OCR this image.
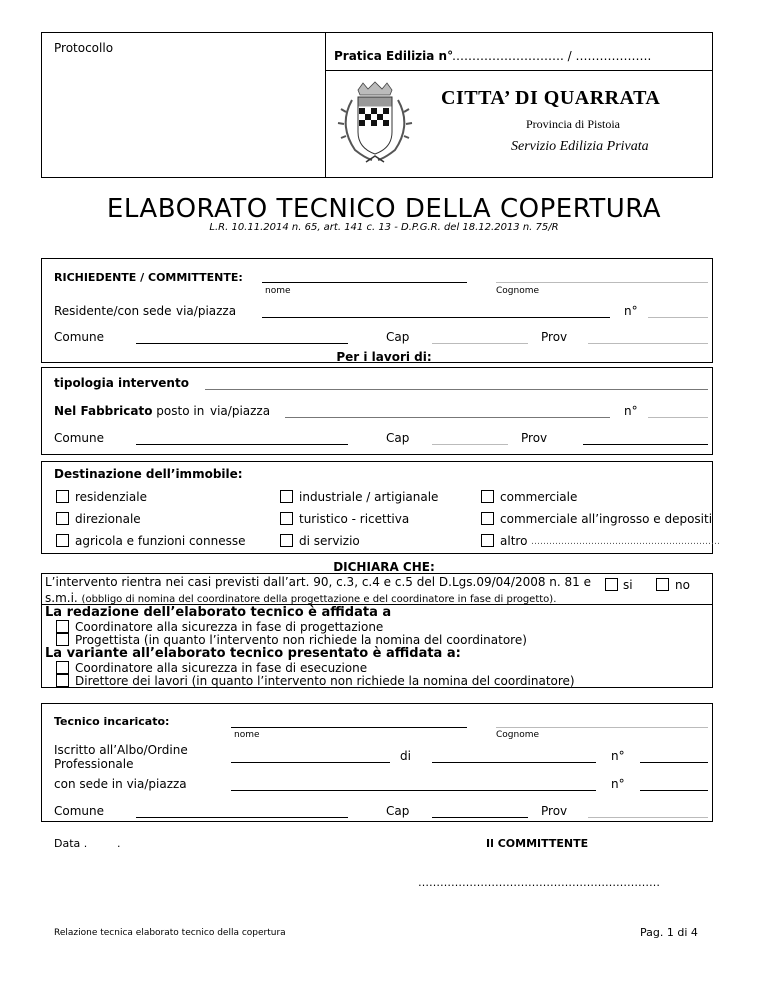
Protocollo
Pratica Edilizia n°
………………………. / ……………….
CITTA’ DI QUARRATA
Provincia di Pistoia
Servizio Edilizia Privata
ELABORATO TECNICO DELLA COPERTURA
L.R. 10.11.2014 n. 65, art. 141 c. 13 - D.P.G.R. del 18.12.2013 n. 75/R
RICHIEDENTE / COMMITTENTE:
nome	Cognome
Residente/con sede via/piazza	n°
Comune	Cap	Prov
Per i lavori di:
tipologia intervento
Nel Fabbricato posto in via/piazza	n°
Comune	Cap	Prov
Destinazione dell’immobile:
residenziale	industriale / artigianale	commerciale
direzionale	turistico - ricettiva	commerciale all’ingrosso e depositi
agricola e funzioni connesse	di servizio	altro ………………………………………………………
DICHIARA CHE:
L’intervento rientra nei casi previsti dall’art. 90, c.3, c.4 e c.5 del D.Lgs.09/04/2008 n. 81 e
s.m.i. (obbligo di nomina del coordinatore della progettazione e del coordinatore in fase di progetto).
si	no
La redazione dell’elaborato tecnico è affidata a
Coordinatore alla sicurezza in fase di progettazione
Progettista (in quanto l’intervento non richiede la nomina del coordinatore)
La variante all’elaborato tecnico presentato è affidata a:
Coordinatore alla sicurezza in fase di esecuzione
Direttore dei lavori (in quanto l’intervento non richiede la nomina del coordinatore)
Tecnico incaricato:
nome	Cognome
Iscritto all’Albo/Ordine
Professionale
di	n°
con sede in via/piazza	n°
Comune	Cap	Prov
Data .	.	Il COMMITTENTE
…………………………………………………………
Relazione tecnica elaborato tecnico della copertura	Pag. 1 di 4
